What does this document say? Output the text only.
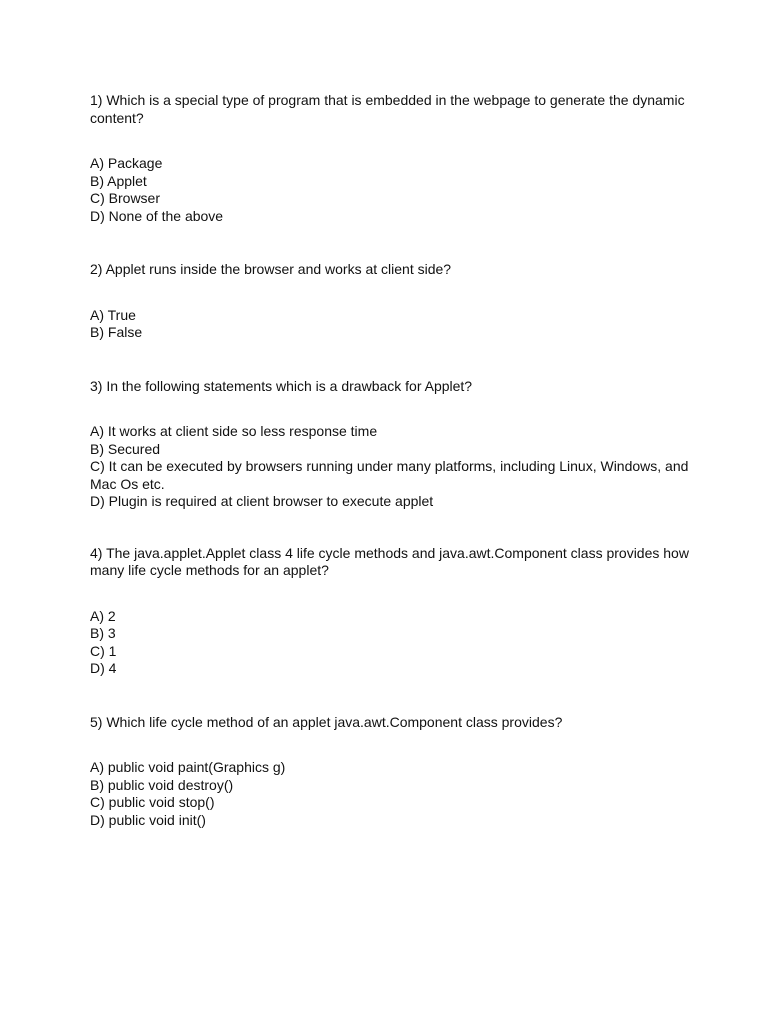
1) Which is a special type of program that is embedded in the webpage to generate the dynamic content?

A) Package
B) Applet
C) Browser
D) None of the above

2) Applet runs inside the browser and works at client side?

A) True
B) False

3) In the following statements which is a drawback for Applet?

A) It works at client side so less response time
B) Secured
C) It can be executed by browsers running under many platforms, including Linux, Windows, and Mac Os etc.
D) Plugin is required at client browser to execute applet

4) The java.applet.Applet class 4 life cycle methods and java.awt.Component class provides how many life cycle methods for an applet?

A) 2
B) 3
C) 1
D) 4

5) Which life cycle method of an applet java.awt.Component class provides?

A) public void paint(Graphics g)
B) public void destroy()
C) public void stop()
D) public void init()
